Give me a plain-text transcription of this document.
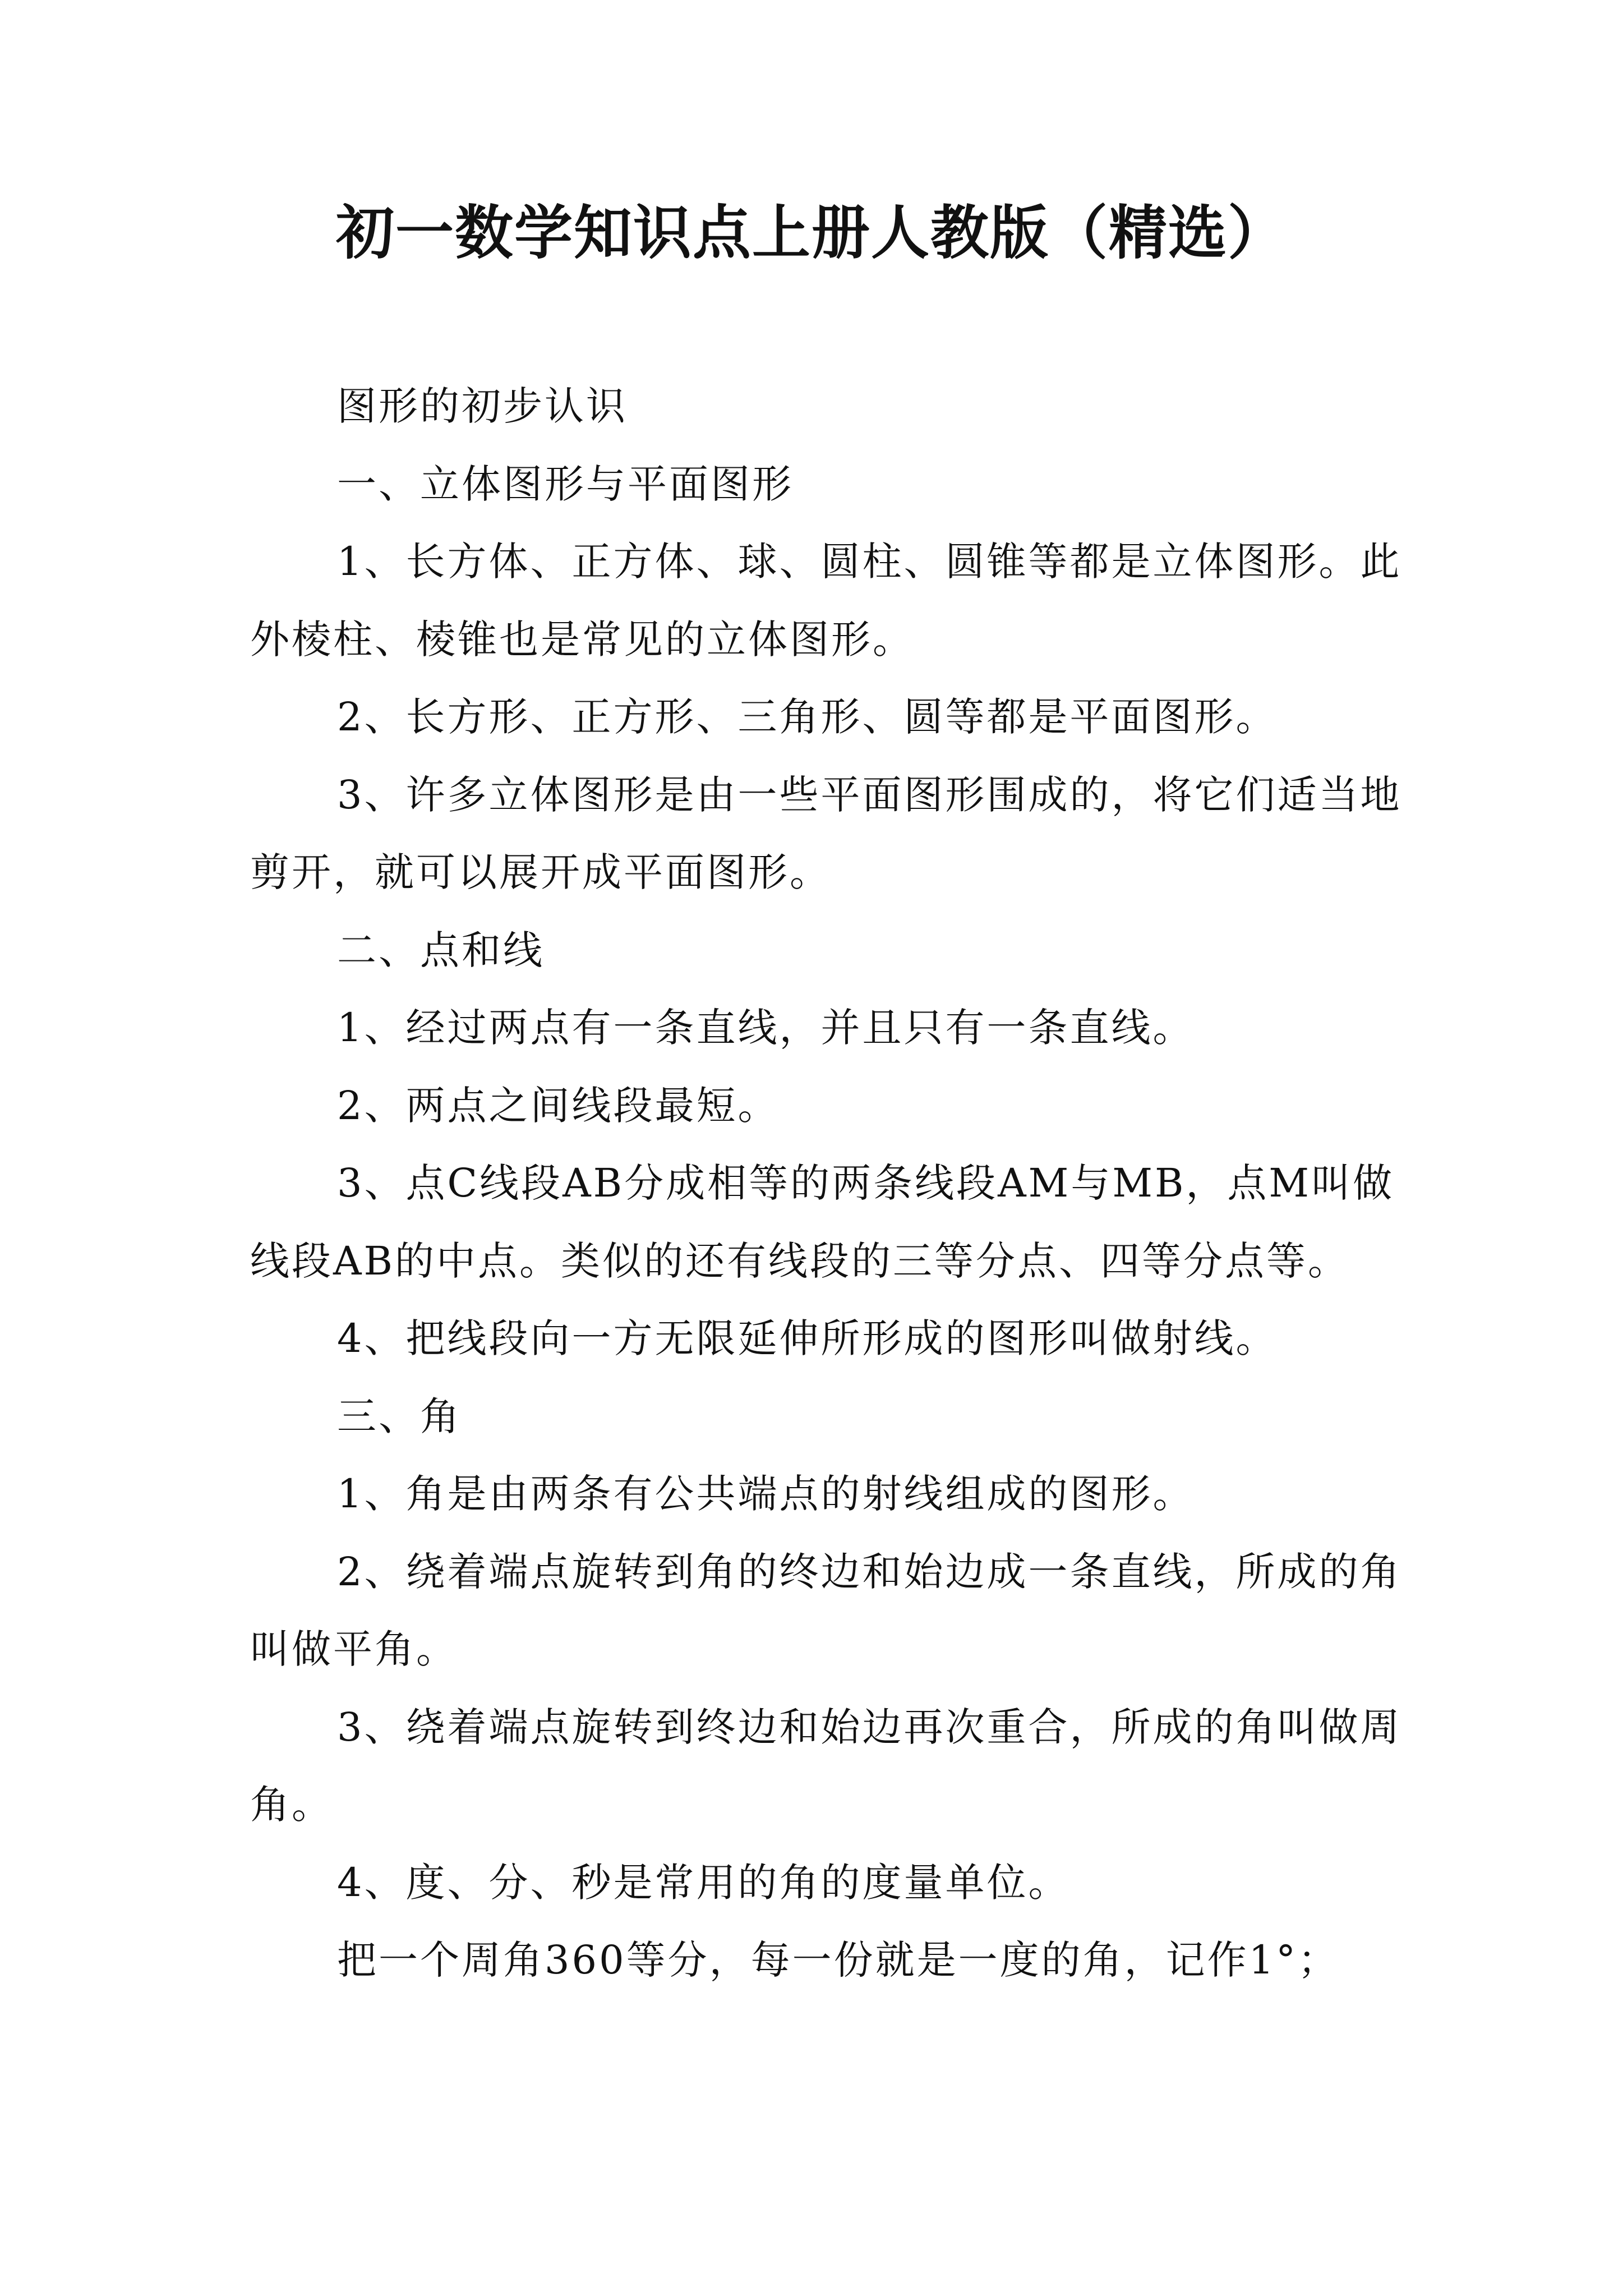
初一数学知识点上册人教版（精选）

图形的初步认识

一、立体图形与平面图形

1、长方体、正方体、球、圆柱、圆锥等都是立体图形。此外棱柱、棱锥也是常见的立体图形。

2、长方形、正方形、三角形、圆等都是平面图形。

3、许多立体图形是由一些平面图形围成的，将它们适当地剪开，就可以展开成平面图形。

二、点和线

1、经过两点有一条直线，并且只有一条直线。

2、两点之间线段最短。

3、点C线段AB分成相等的两条线段AM与MB，点M叫做线段AB的中点。类似的还有线段的三等分点、四等分点等。

4、把线段向一方无限延伸所形成的图形叫做射线。

三、角

1、角是由两条有公共端点的射线组成的图形。

2、绕着端点旋转到角的终边和始边成一条直线，所成的角叫做平角。

3、绕着端点旋转到终边和始边再次重合，所成的角叫做周角。

4、度、分、秒是常用的角的度量单位。

把一个周角360等分，每一份就是一度的角，记作1°；
